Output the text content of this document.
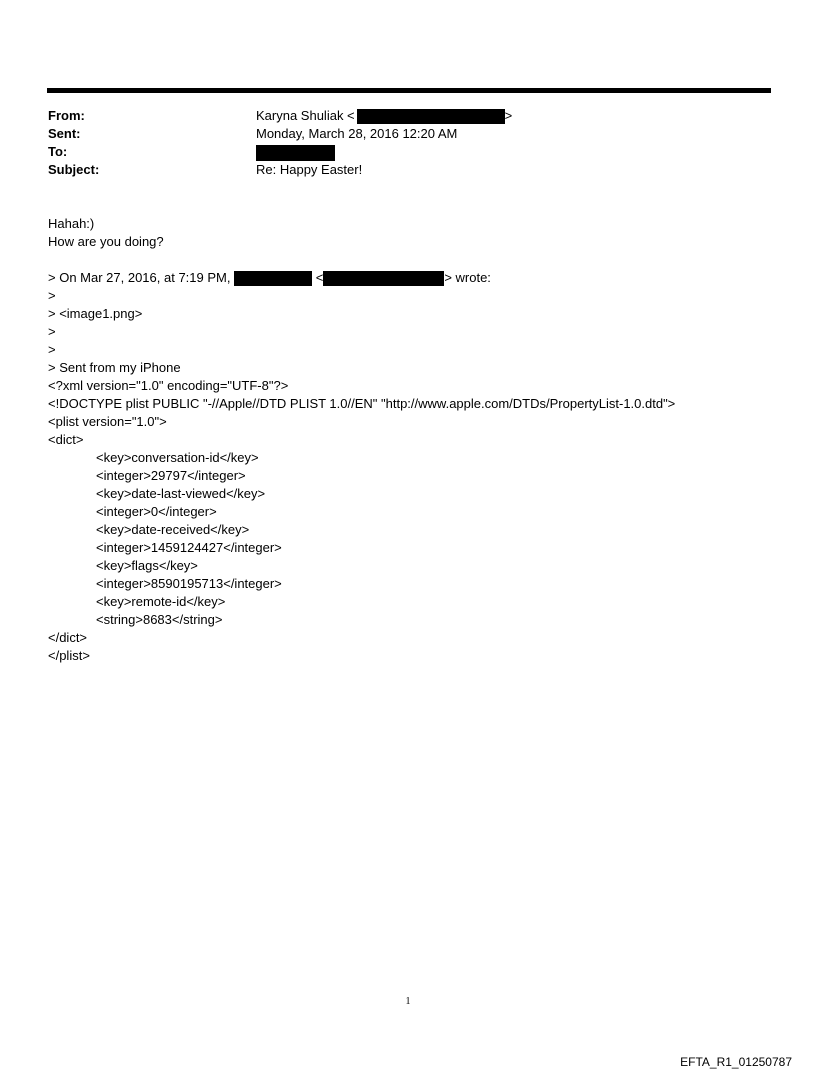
From:	Karyna Shuliak <	>
Sent:	Monday, March 28, 2016 12:20 AM
To:
Subject:	Re: Happy Easter!
Hahah:)
How are you doing?
> On Mar 27, 2016, at 7:19 PM,	<	> wrote:
>
> <image1.png>
>
>
> Sent from my iPhone
<?xml version="1.0" encoding="UTF-8"?>
<!DOCTYPE plist PUBLIC "-//Apple//DTD PLIST 1.0//EN" "http://www.apple.com/DTDs/PropertyList-1.0.dtd">
<plist version="1.0">
<dict>
<key>conversation-id</key>
<integer>29797</integer>
<key>date-last-viewed</key>
<integer>0</integer>
<key>date-received</key>
<integer>1459124427</integer>
<key>flags</key>
<integer>8590195713</integer>
<key>remote-id</key>
<string>8683</string>
</dict>
</plist>
1
EFTA_R1_01250787
